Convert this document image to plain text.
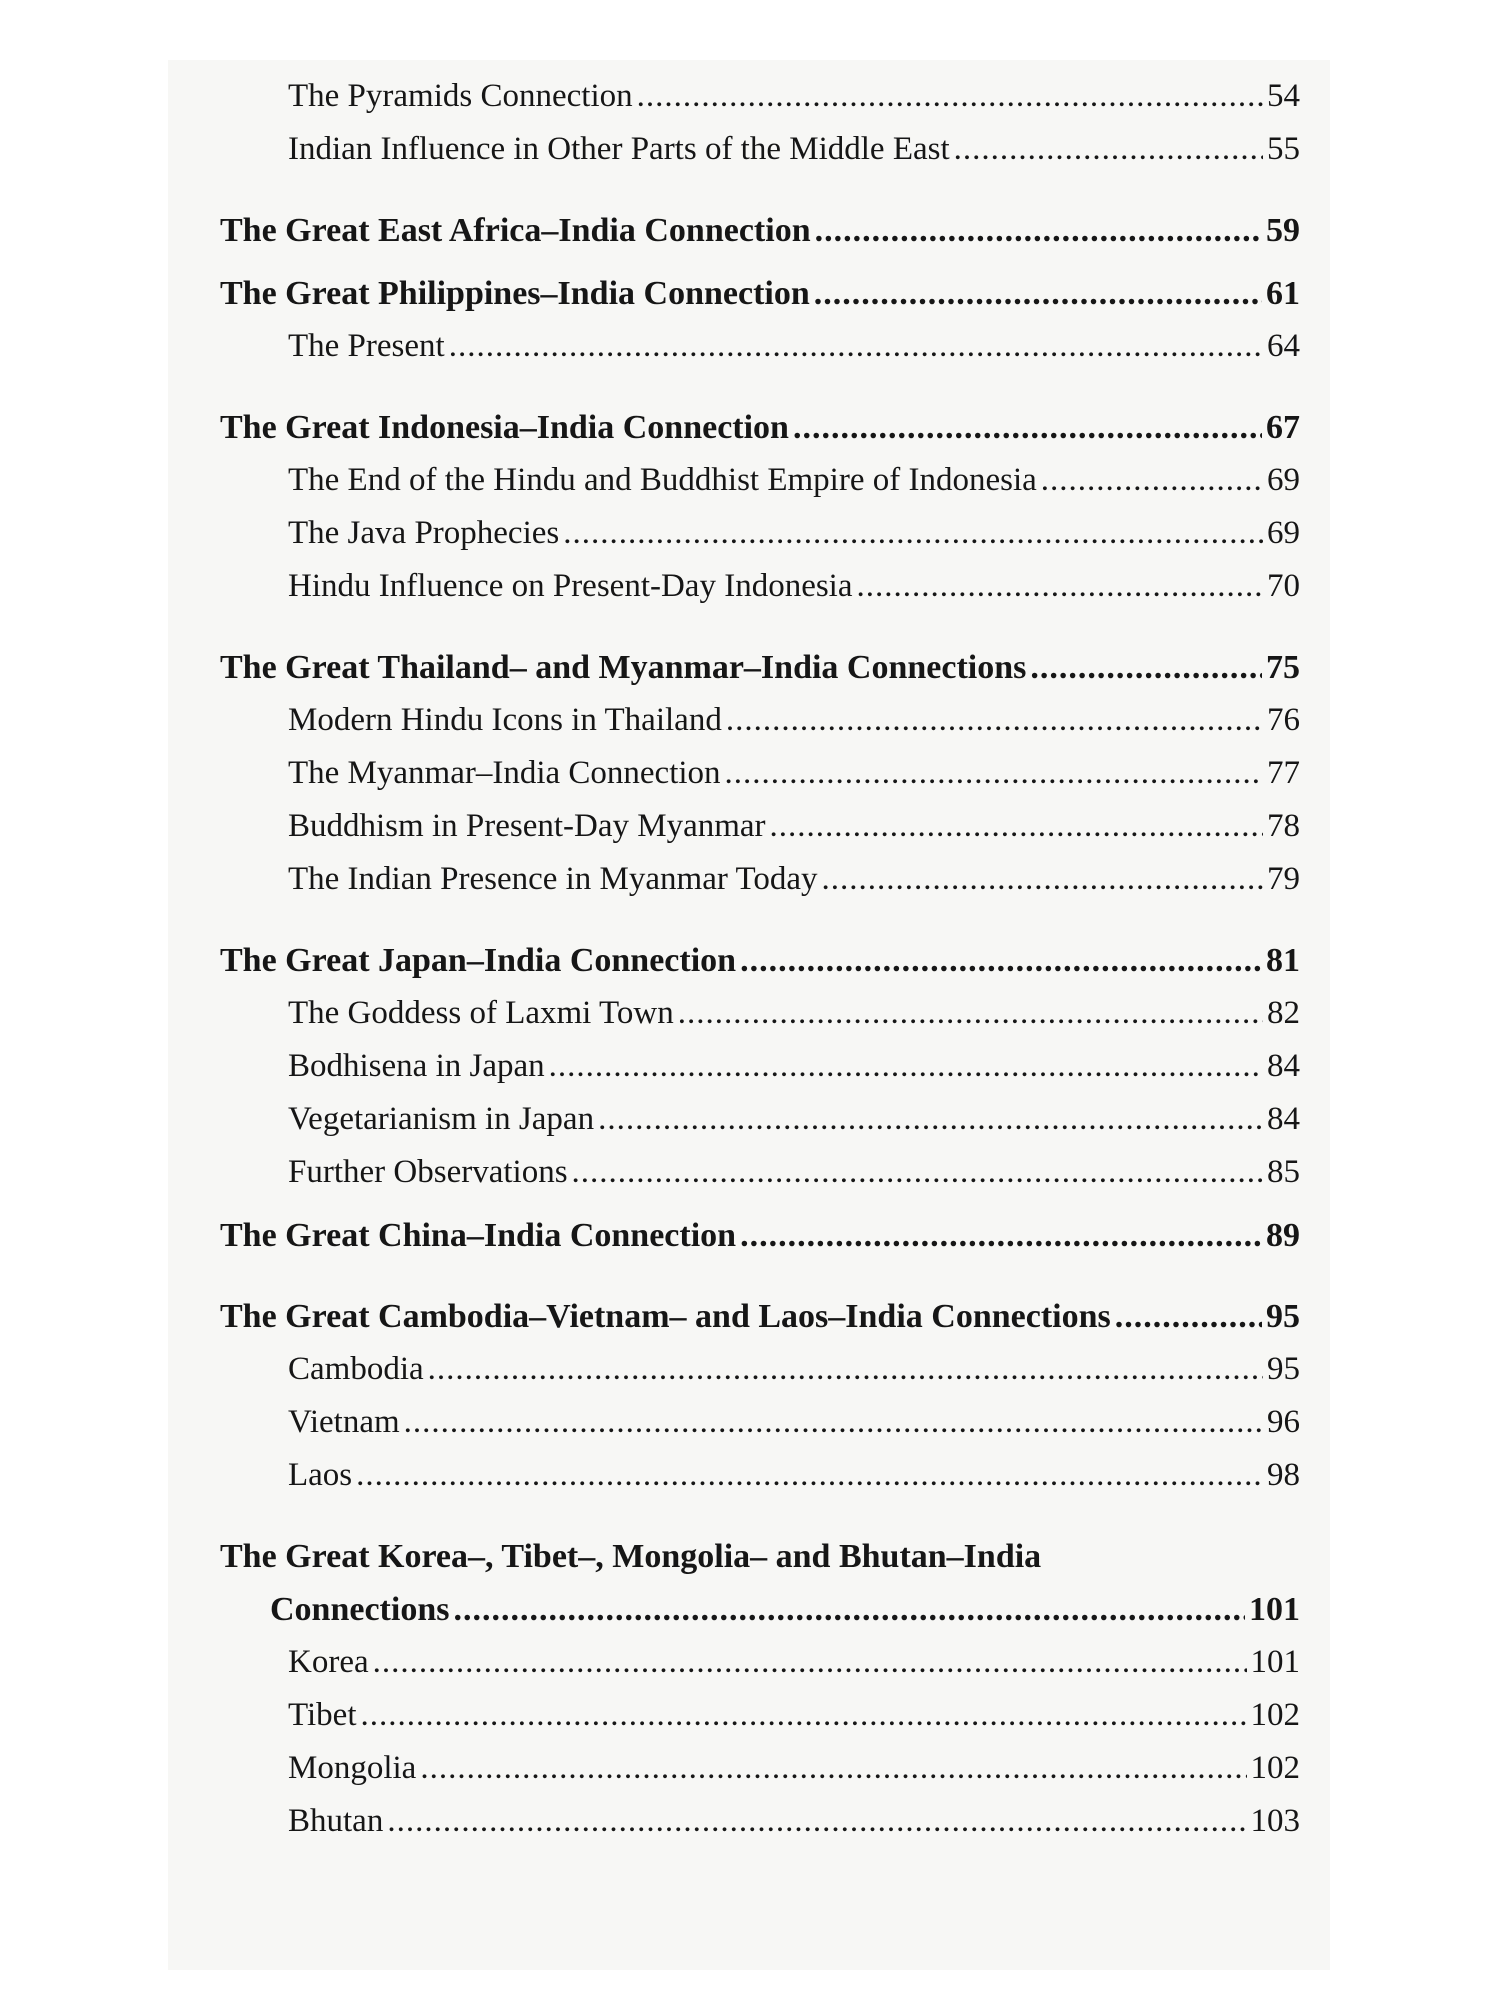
The Pyramids Connection .....	54
Indian Influence in Other Parts of the Middle East .....	55
The Great East Africa–India Connection .....	59
The Great Philippines–India Connection .....	61
The Present .....	64
The Great Indonesia–India Connection .....	67
The End of the Hindu and Buddhist Empire of Indonesia .....	69
The Java Prophecies .....	69
Hindu Influence on Present-Day Indonesia .....	70
The Great Thailand– and Myanmar–India Connections .....	75
Modern Hindu Icons in Thailand .....	76
The Myanmar–India Connection .....	77
Buddhism in Present-Day Myanmar .....	78
The Indian Presence in Myanmar Today .....	79
The Great Japan–India Connection .....	81
The Goddess of Laxmi Town .....	82
Bodhisena in Japan .....	84
Vegetarianism in Japan .....	84
Further Observations .....	85
The Great China–India Connection .....	89
The Great Cambodia–Vietnam– and Laos–India Connections .....	95
Cambodia .....	95
Vietnam .....	96
Laos .....	98
The Great Korea–, Tibet–, Mongolia– and Bhutan–India
Connections .....	101
Korea .....	101
Tibet .....	102
Mongolia .....	102
Bhutan .....	103
